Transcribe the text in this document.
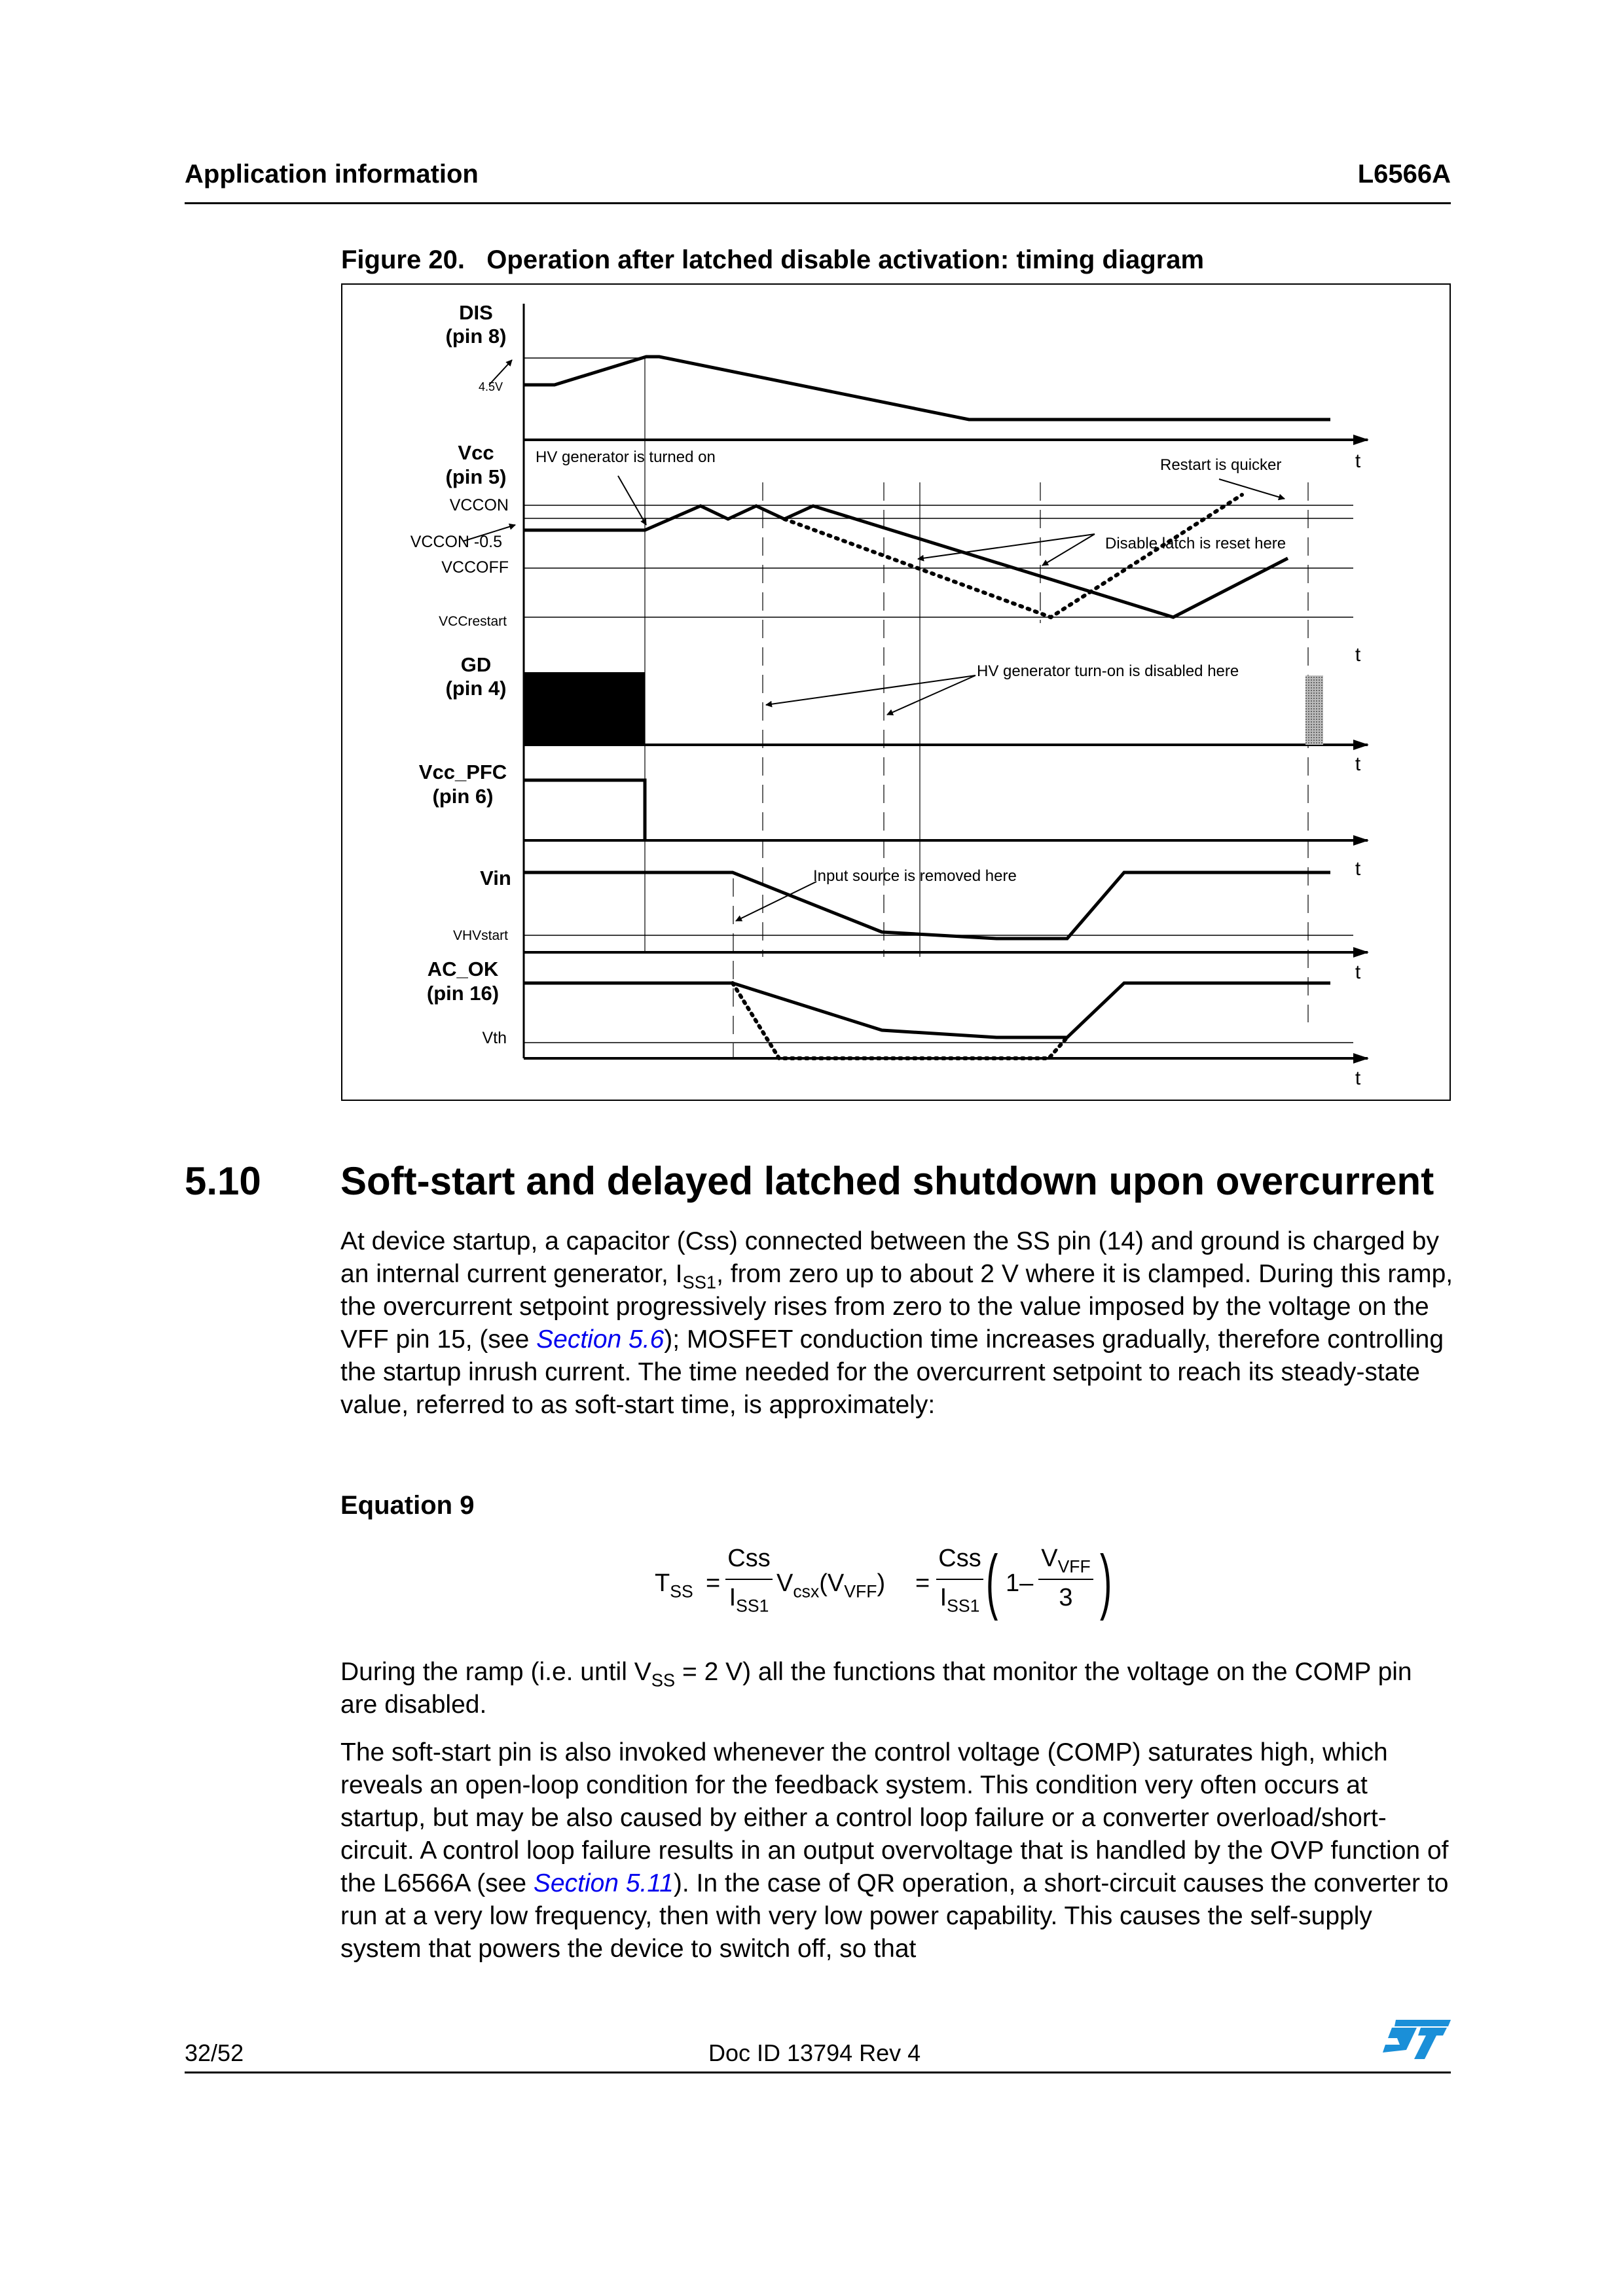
Application information	L6566A
Figure 20.   Operation after latched disable activation: timing diagram
DIS
(pin 8)
Vcc
(pin 5)
GD
(pin 4)
Vcc_PFC
(pin 6)
Vin
AC_OK
(pin 16)
4.5V
VCCON
VCCON -0.5
VCCOFF
VCCrestart
VHVstart
Vth
t
t
t
t
t
t
HV generator is turned on	Restart is quicker
Disable latch is reset here
HV generator turn-on is disabled here
Input source is removed here
5.10 Soft-start and delayed latched shutdown upon overcurrent

At device startup, a capacitor (Css) connected between the SS pin (14) and ground is charged by an internal current generator, $I_{SS1}$, from zero up to about 2 V where it is clamped. During this ramp, the overcurrent setpoint progressively rises from zero to the value imposed by the voltage on the VFF pin 15, (see Section 5.6); MOSFET conduction time increases gradually, therefore controlling the startup inrush current. The time needed for the overcurrent setpoint to reach its steady-state value, referred to as soft-start time, is approximately:

Equation 9
$T_{SS}$ =
Css
$I_{SS1}$
$V_{csx}(V_{VFF})$ =
Css
$I_{SS1}$ ( 1–
$V_{VFF}$
3 )

During the ramp (i.e. until $V_{SS} = 2$ V) all the functions that monitor the voltage on the COMP pin are disabled.

The soft-start pin is also invoked whenever the control voltage (COMP) saturates high, which reveals an open-loop condition for the feedback system. This condition very often occurs at startup, but may be also caused by either a control loop failure or a converter overload/short-circuit. A control loop failure results in an output overvoltage that is handled by the OVP function of the L6566A (see Section 5.11). In the case of QR operation, a short-circuit causes the converter to run at a very low frequency, then with very low power capability. This causes the self-supply system that powers the device to switch off, so that

32/52	Doc ID 13794 Rev 4
